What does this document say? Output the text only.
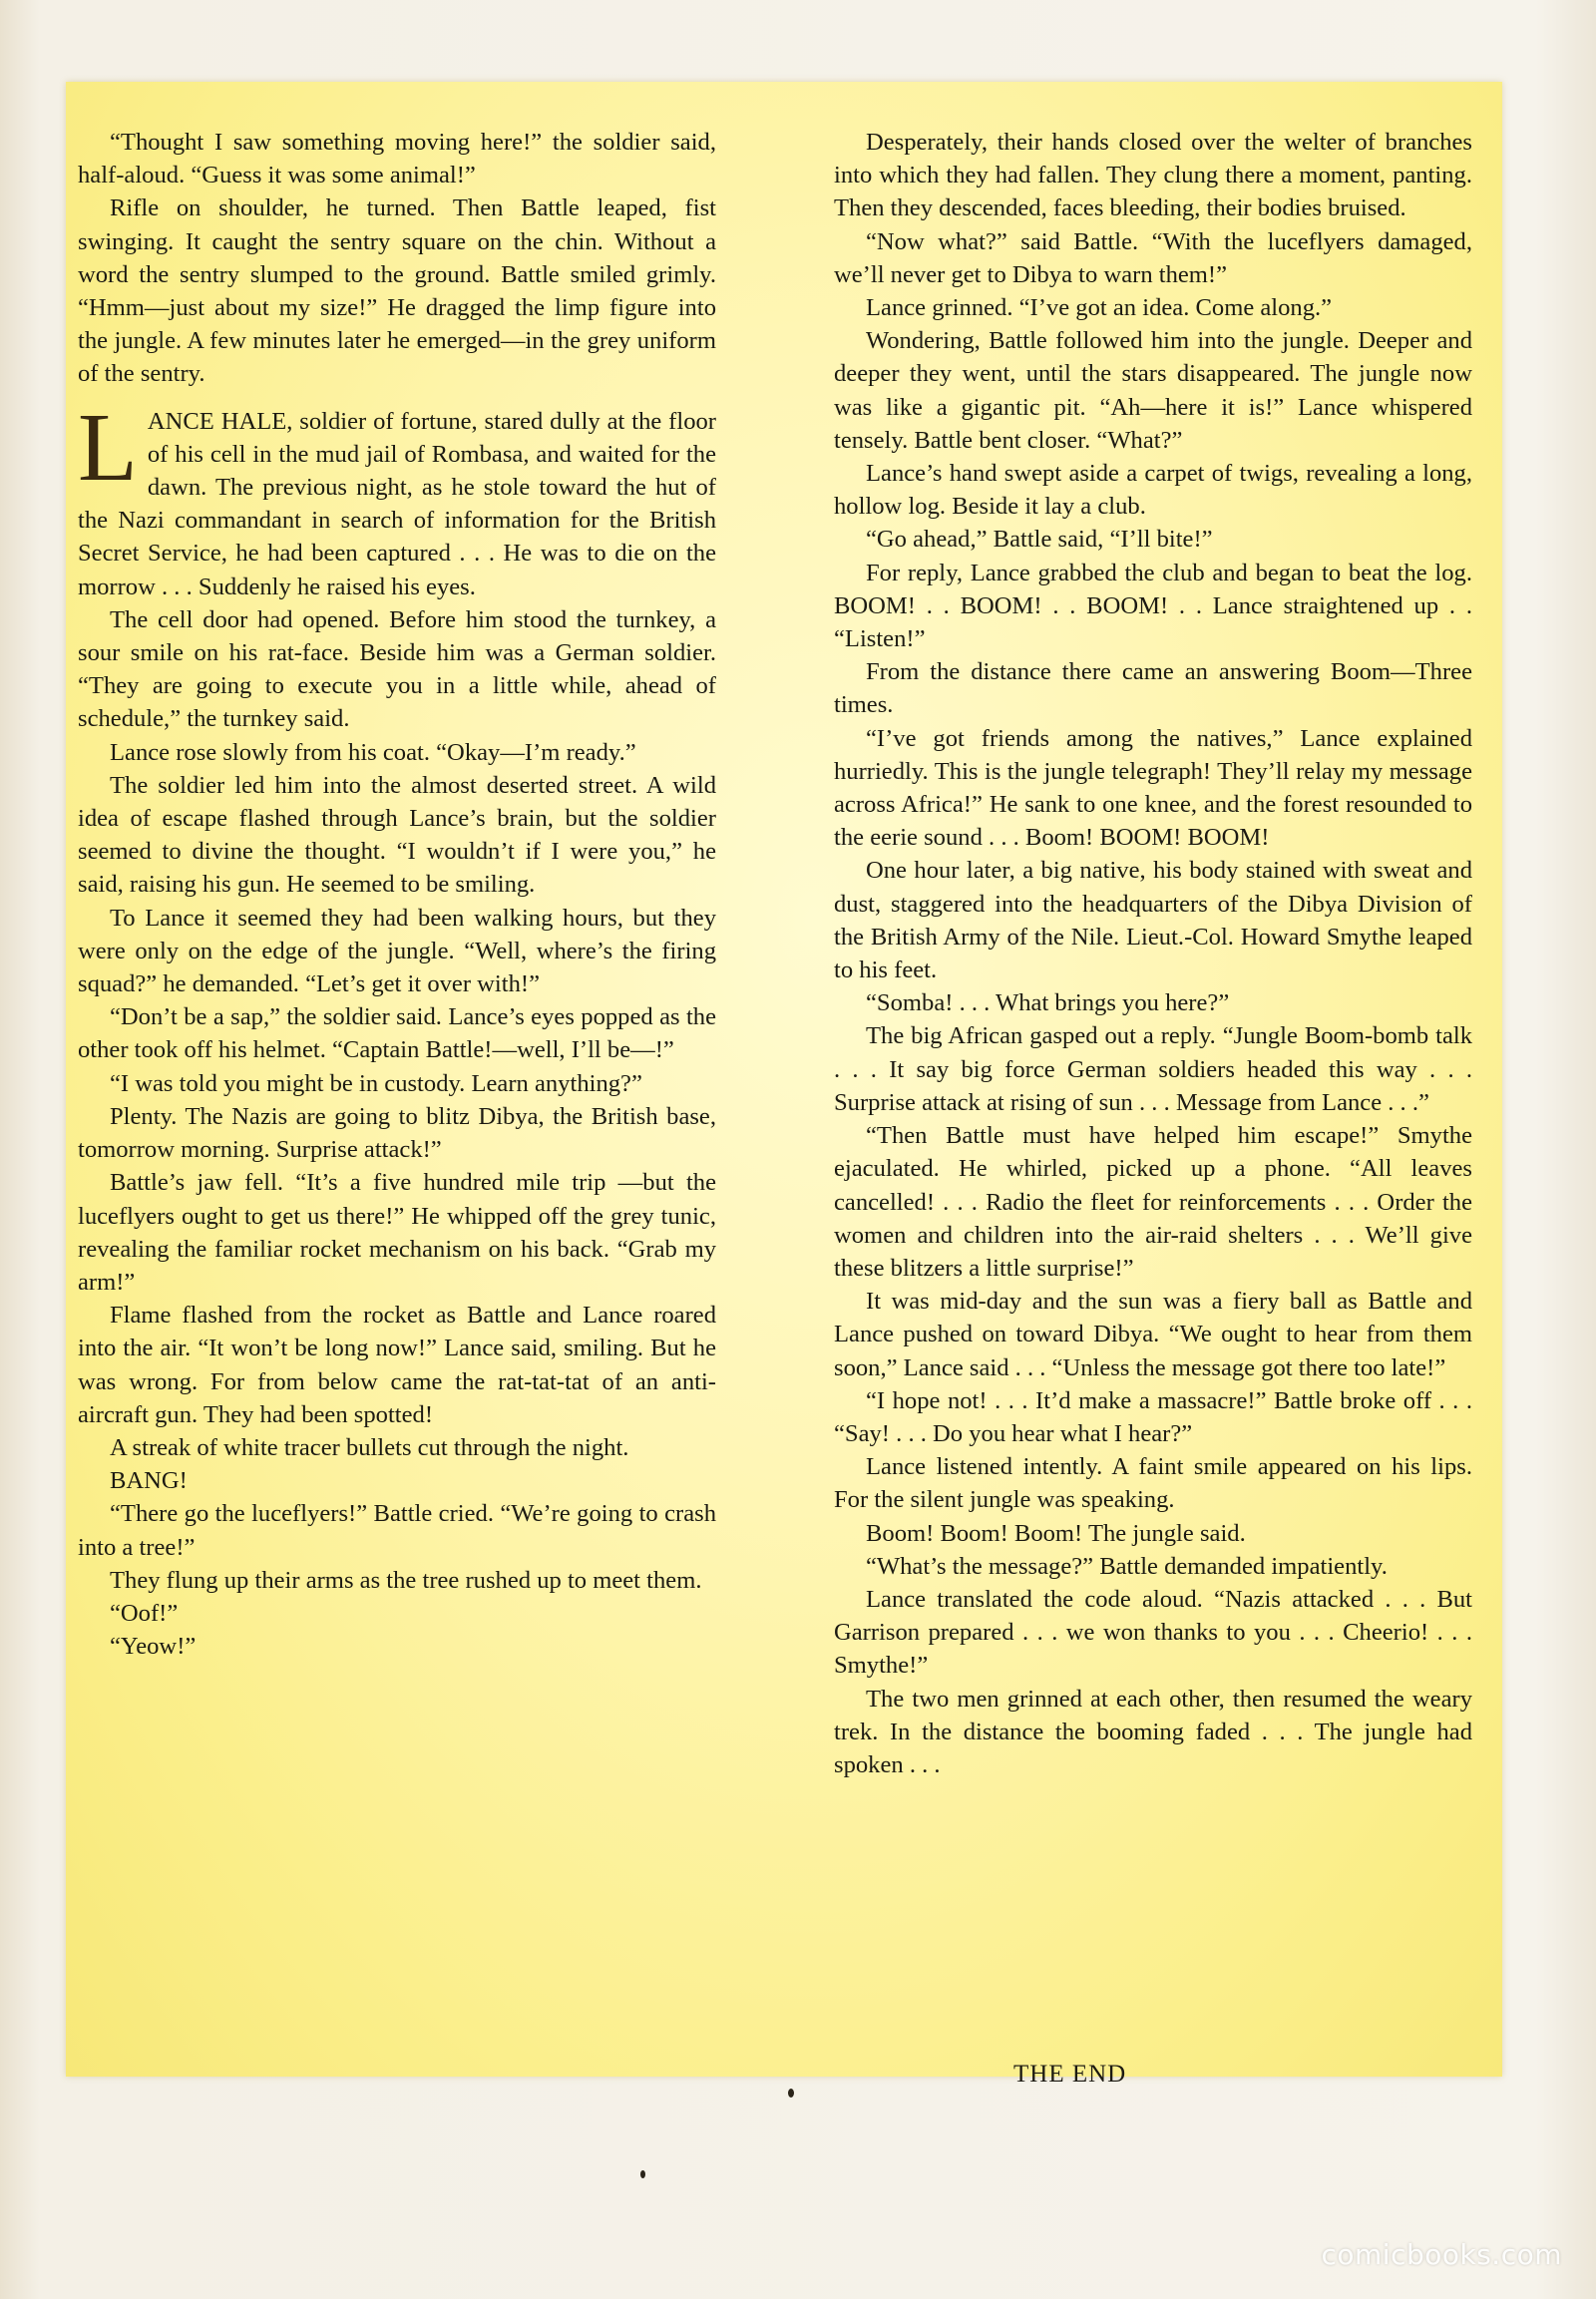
“Thought I saw something moving here!” the soldier said, half-aloud. “Guess it was some animal!”

Rifle on shoulder, he turned. Then Battle leaped, fist swinging. It caught the sentry square on the chin. Without a word the sentry slumped to the ground. Battle smiled grimly. “Hmm—just about my size!” He dragged the limp figure into the jungle. A few minutes later he emerged—in the grey uniform of the sentry.

LANCE HALE, soldier of fortune, stared dully at the floor of his cell in the mud jail of Rombasa, and waited for the dawn. The previous night, as he stole toward the hut of the Nazi commandant in search of information for the British Secret Service, he had been captured . . . He was to die on the morrow . . . Suddenly he raised his eyes.

The cell door had opened. Before him stood the turnkey, a sour smile on his rat-face. Beside him was a German soldier. “They are going to execute you in a little while, ahead of schedule,” the turnkey said.

Lance rose slowly from his coat. “Okay—I’m ready.”

The soldier led him into the almost deserted street. A wild idea of escape flashed through Lance’s brain, but the soldier seemed to divine the thought. “I wouldn’t if I were you,” he said, raising his gun. He seemed to be smiling.

To Lance it seemed they had been walking hours, but they were only on the edge of the jungle. “Well, where’s the firing squad?” he demanded. “Let’s get it over with!”

“Don’t be a sap,” the soldier said. Lance’s eyes popped as the other took off his helmet. “Captain Battle!—well, I’ll be—!”

“I was told you might be in custody. Learn anything?”

Plenty. The Nazis are going to blitz Dibya, the British base, tomorrow morning. Surprise attack!”

Battle’s jaw fell. “It’s a five hundred mile trip —but the luceflyers ought to get us there!” He whipped off the grey tunic, revealing the familiar rocket mechanism on his back. “Grab my arm!”

Flame flashed from the rocket as Battle and Lance roared into the air. “It won’t be long now!” Lance said, smiling. But he was wrong. For from below came the rat-tat-tat of an anti-aircraft gun. They had been spotted!

A streak of white tracer bullets cut through the night.

BANG!

“There go the luceflyers!” Battle cried. “We’re going to crash into a tree!”

They flung up their arms as the tree rushed up to meet them.

“Oof!”

“Yeow!”

Desperately, their hands closed over the welter of branches into which they had fallen. They clung there a moment, panting. Then they descended, faces bleeding, their bodies bruised.

“Now what?” said Battle. “With the luceflyers damaged, we’ll never get to Dibya to warn them!”

Lance grinned. “I’ve got an idea. Come along.”

Wondering, Battle followed him into the jungle. Deeper and deeper they went, until the stars disappeared. The jungle now was like a gigantic pit. “Ah—here it is!” Lance whispered tensely. Battle bent closer. “What?”

Lance’s hand swept aside a carpet of twigs, revealing a long, hollow log. Beside it lay a club.

“Go ahead,” Battle said, “I’ll bite!”

For reply, Lance grabbed the club and began to beat the log. BOOM! . . BOOM! . . BOOM! . . Lance straightened up . . “Listen!”

From the distance there came an answering Boom—Three times.

“I’ve got friends among the natives,” Lance explained hurriedly. This is the jungle telegraph! They’ll relay my message across Africa!” He sank to one knee, and the forest resounded to the eerie sound . . . Boom! BOOM! BOOM!

One hour later, a big native, his body stained with sweat and dust, staggered into the headquarters of the Dibya Division of the British Army of the Nile. Lieut.-Col. Howard Smythe leaped to his feet.

“Somba! . . . What brings you here?”

The big African gasped out a reply. “Jungle Boom-bomb talk . . . It say big force German soldiers headed this way . . . Surprise attack at rising of sun . . . Message from Lance . . .”

“Then Battle must have helped him escape!” Smythe ejaculated. He whirled, picked up a phone. “All leaves cancelled! . . . Radio the fleet for reinforcements . . . Order the women and children into the air-raid shelters . . . We’ll give these blitzers a little surprise!”

It was mid-day and the sun was a fiery ball as Battle and Lance pushed on toward Dibya. “We ought to hear from them soon,” Lance said . . . “Unless the message got there too late!”

“I hope not! . . . It’d make a massacre!” Battle broke off . . . “Say! . . . Do you hear what I hear?”

Lance listened intently. A faint smile appeared on his lips. For the silent jungle was speaking.

Boom! Boom! Boom! The jungle said.

“What’s the message?” Battle demanded impatiently.

Lance translated the code aloud. “Nazis attacked . . . But Garrison prepared . . . we won thanks to you . . . Cheerio! . . . Smythe!”

The two men grinned at each other, then resumed the weary trek. In the distance the booming faded . . . The jungle had spoken . . .

THE END
comicbooks.com
